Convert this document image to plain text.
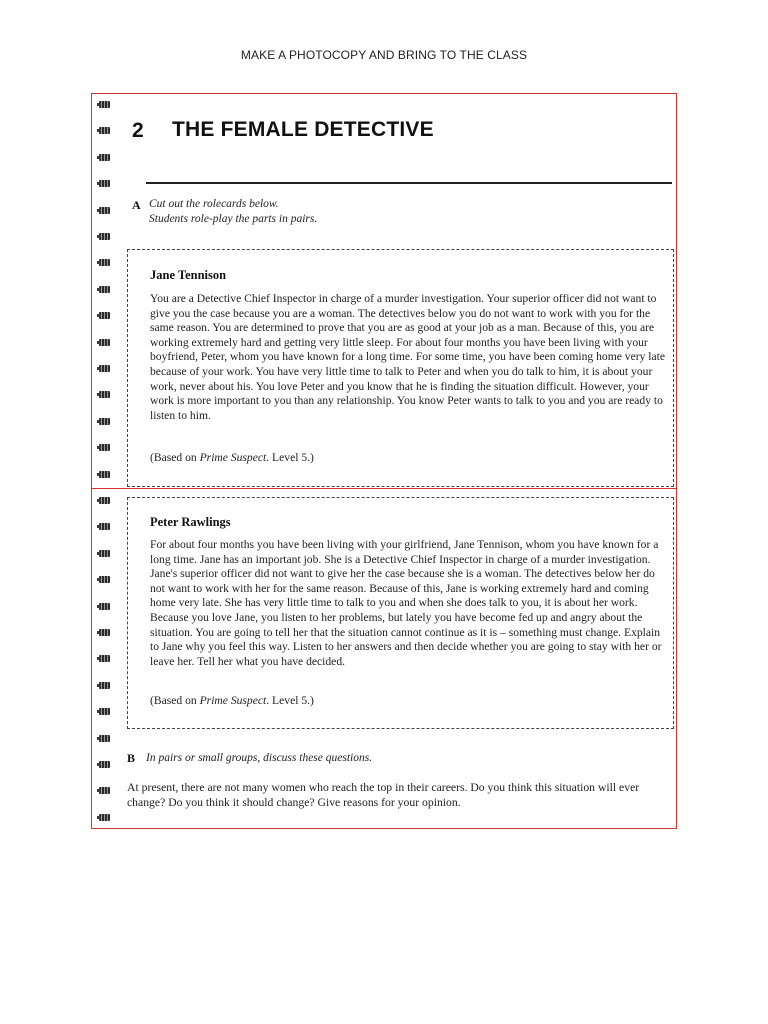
MAKE A PHOTOCOPY AND BRING TO THE CLASS
2 THE FEMALE DETECTIVE
A Cut out the rolecards below.
Students role-play the parts in pairs.
Jane Tennison

You are a Detective Chief Inspector in charge of a murder investigation. Your superior officer did not want to give you the case because you are a woman. The detectives below you do not want to work with you for the same reason. You are determined to prove that you are as good at your job as a man. Because of this, you are working extremely hard and getting very little sleep. For about four months you have been living with your boyfriend, Peter, whom you have known for a long time. For some time, you have been coming home very late because of your work. You have very little time to talk to Peter and when you do talk to him, it is about your work, never about his. You love Peter and you know that he is finding the situation difficult. However, your work is more important to you than any relationship. You know Peter wants to talk to you and you are ready to listen to him.

(Based on Prime Suspect. Level 5.)
Peter Rawlings

For about four months you have been living with your girlfriend, Jane Tennison, whom you have known for a long time. Jane has an important job. She is a Detective Chief Inspector in charge of a murder investigation. Jane's superior officer did not want to give her the case because she is a woman. The detectives below her do not want to work with her for the same reason. Because of this, Jane is working extremely hard and coming home very late. She has very little time to talk to you and when she does talk to you, it is about her work. Because you love Jane, you listen to her problems, but lately you have become fed up and angry about the situation. You are going to tell her that the situation cannot continue as it is – something must change. Explain to Jane why you feel this way. Listen to her answers and then decide whether you are going to stay with her or leave her. Tell her what you have decided.

(Based on Prime Suspect. Level 5.)
B In pairs or small groups, discuss these questions.

At present, there are not many women who reach the top in their careers. Do you think this situation will ever change? Do you think it should change? Give reasons for your opinion.
